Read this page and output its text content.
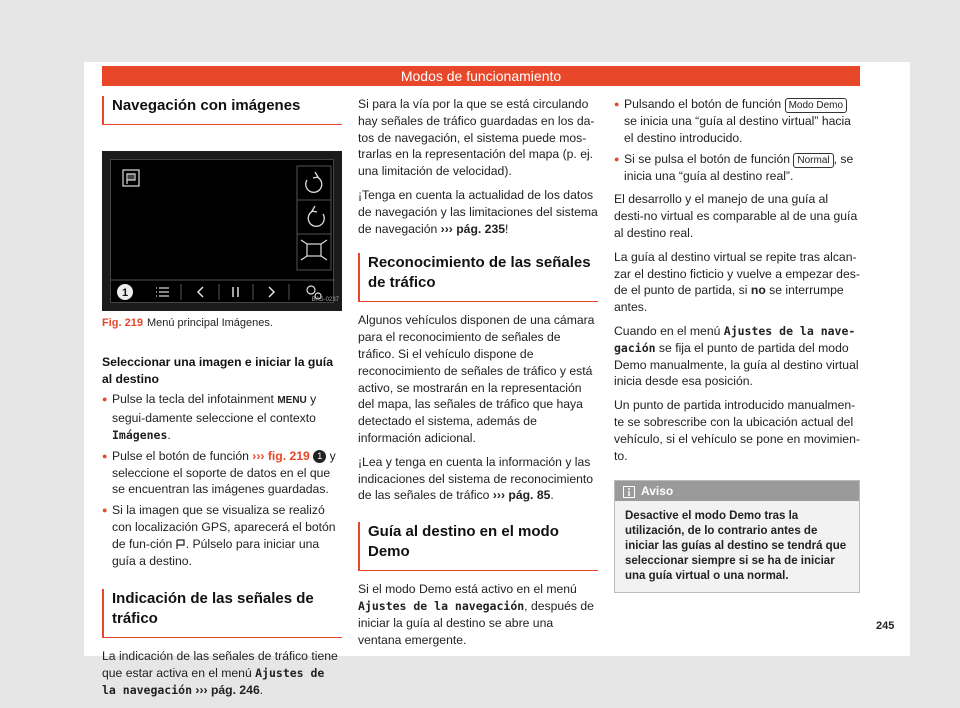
Modos de funcionamiento
Navegación con imágenes
1
BAS-0237
Fig. 219 Menú principal Imágenes.
Seleccionar una imagen e iniciar la guía al destino
● Pulse la tecla del infotainment MENU y segui-damente seleccione el contexto Imágenes.
● Pulse el botón de función ››› fig. 219 1 y seleccione el soporte de datos en el que se encuentran las imágenes guardadas.
● Si la imagen que se visualiza se realizó con localización GPS, aparecerá el botón de fun-ción
. Púlselo para iniciar una guía a destino.
Indicación de las señales de tráfico

La indicación de las señales de tráfico tiene que estar activa en el menú Ajustes de la navegación ››› pág. 246.

Si para la vía por la que se está circulando hay señales de tráfico guardadas en los da-tos de navegación, el sistema puede mos-trarlas en la representación del mapa (p. ej. una limitación de velocidad).

¡Tenga en cuenta la actualidad de los datos de navegación y las limitaciones del sistema de navegación ››› pág. 235!

Reconocimiento de las señales de tráfico

Algunos vehículos disponen de una cámara para el reconocimiento de señales de tráfico. Si el vehículo dispone de reconocimiento de señales de tráfico y está activo, se mostrarán en la representación del mapa, las señales de tráfico que haya detectado el sistema, además de información adicional.

¡Lea y tenga en cuenta la información y las indicaciones del sistema de reconocimiento de las señales de tráfico ››› pág. 85.

Guía al destino en el modo Demo

Si el modo Demo está activo en el menú Ajustes de la navegación, después de iniciar la guía al destino se abre una ventana emergente.

● Pulsando el botón de función Modo Demo se inicia una “guía al destino virtual” hacia el destino introducido.
● Si se pulsa el botón de función Normal , se inicia una “guía al destino real”.

El desarrollo y el manejo de una guía al desti-no virtual es comparable al de una guía al destino real.

La guía al destino virtual se repite tras alcan-zar el destino ficticio y vuelve a empezar des-de el punto de partida, si no se interrumpe antes.

Cuando en el menú Ajustes de la nave-gación se fija el punto de partida del modo Demo manualmente, la guía al destino virtual inicia desde esa posición.

Un punto de partida introducido manualmen-te se sobrescribe con la ubicación actual del vehículo, si el vehículo se pone en movimien-to.

Aviso
Desactive el modo Demo tras la utilización, de lo contrario antes de iniciar las guías al destino se tendrá que seleccionar siempre si se ha de iniciar una guía virtual o una normal.
245
